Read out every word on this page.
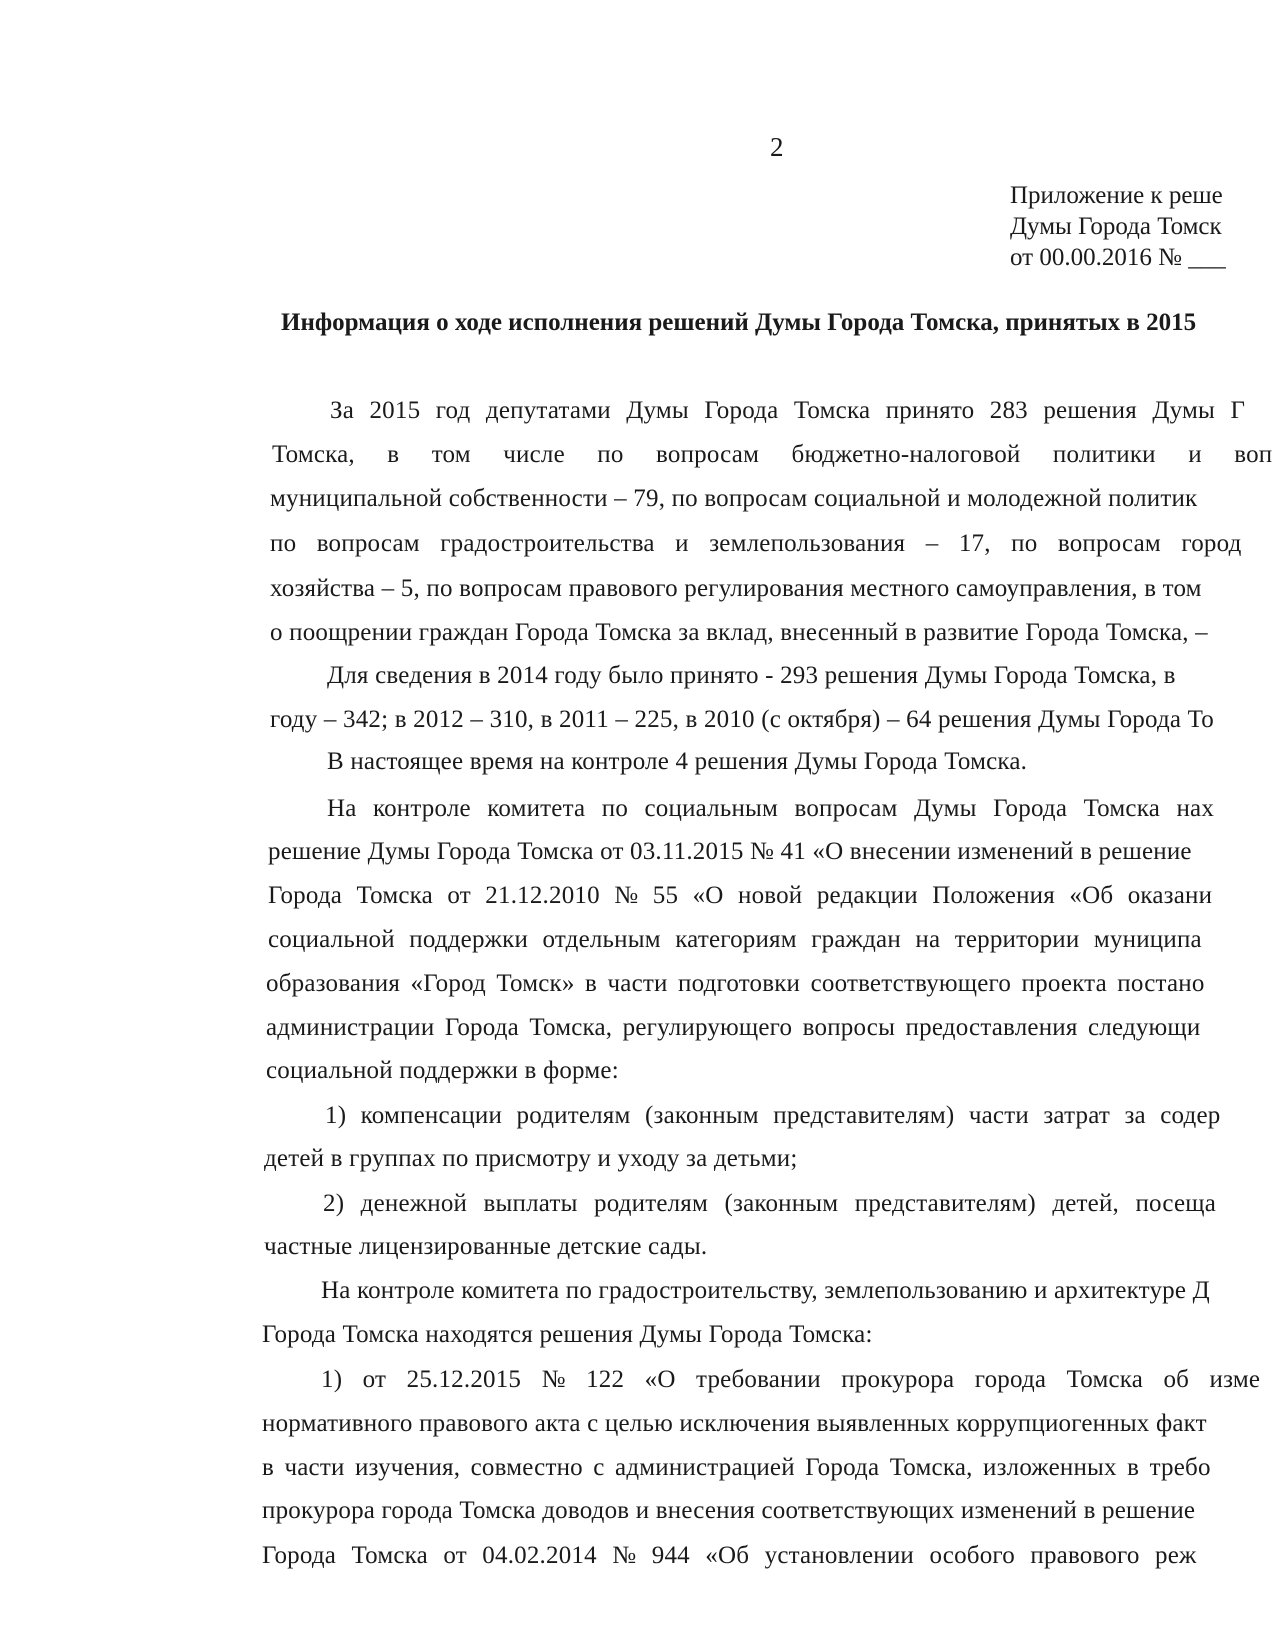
2
Приложение к реше
Думы Города Томск
от 00.00.2016 № ___
Информация о ходе исполнения решений Думы Города Томска, принятых в 2015
За 2015 год депутатами Думы Города Томска принято 283 решения Думы Г
Томска, в том числе по вопросам бюджетно-налоговой политики и воп
муниципальной собственности – 79, по вопросам социальной и молодежной политик
по вопросам градостроительства и землепользования – 17, по вопросам город
хозяйства – 5, по вопросам правового регулирования местного самоуправления, в том
о поощрении граждан Города Томска за вклад, внесенный в развитие Города Томска, –
Для сведения в 2014 году было принято - 293 решения Думы Города Томска, в
году – 342; в 2012 – 310, в 2011 – 225, в 2010 (с октября) – 64 решения Думы Города То
В настоящее время на контроле 4 решения Думы Города Томска.
На контроле комитета по социальным вопросам Думы Города Томска нах
решение Думы Города Томска от 03.11.2015 № 41 «О внесении изменений в решение
Города Томска от 21.12.2010 № 55 «О новой редакции Положения «Об оказани
социальной поддержки отдельным категориям граждан на территории муниципа
образования «Город Томск» в части подготовки соответствующего проекта постано
администрации Города Томска, регулирующего вопросы предоставления следующи
социальной поддержки в форме:
1) компенсации родителям (законным представителям) части затрат за содер
детей в группах по присмотру и уходу за детьми;
2) денежной выплаты родителям (законным представителям) детей, посеща
частные лицензированные детские сады.
На контроле комитета по градостроительству, землепользованию и архитектуре Д
Города Томска находятся решения Думы Города Томска:
1) от 25.12.2015 № 122 «О требовании прокурора города Томска об изме
нормативного правового акта с целью исключения выявленных коррупциогенных факт
в части изучения, совместно с администрацией Города Томска, изложенных в требо
прокурора города Томска доводов и внесения соответствующих изменений в решение
Города Томска от 04.02.2014 № 944 «Об установлении особого правового реж
